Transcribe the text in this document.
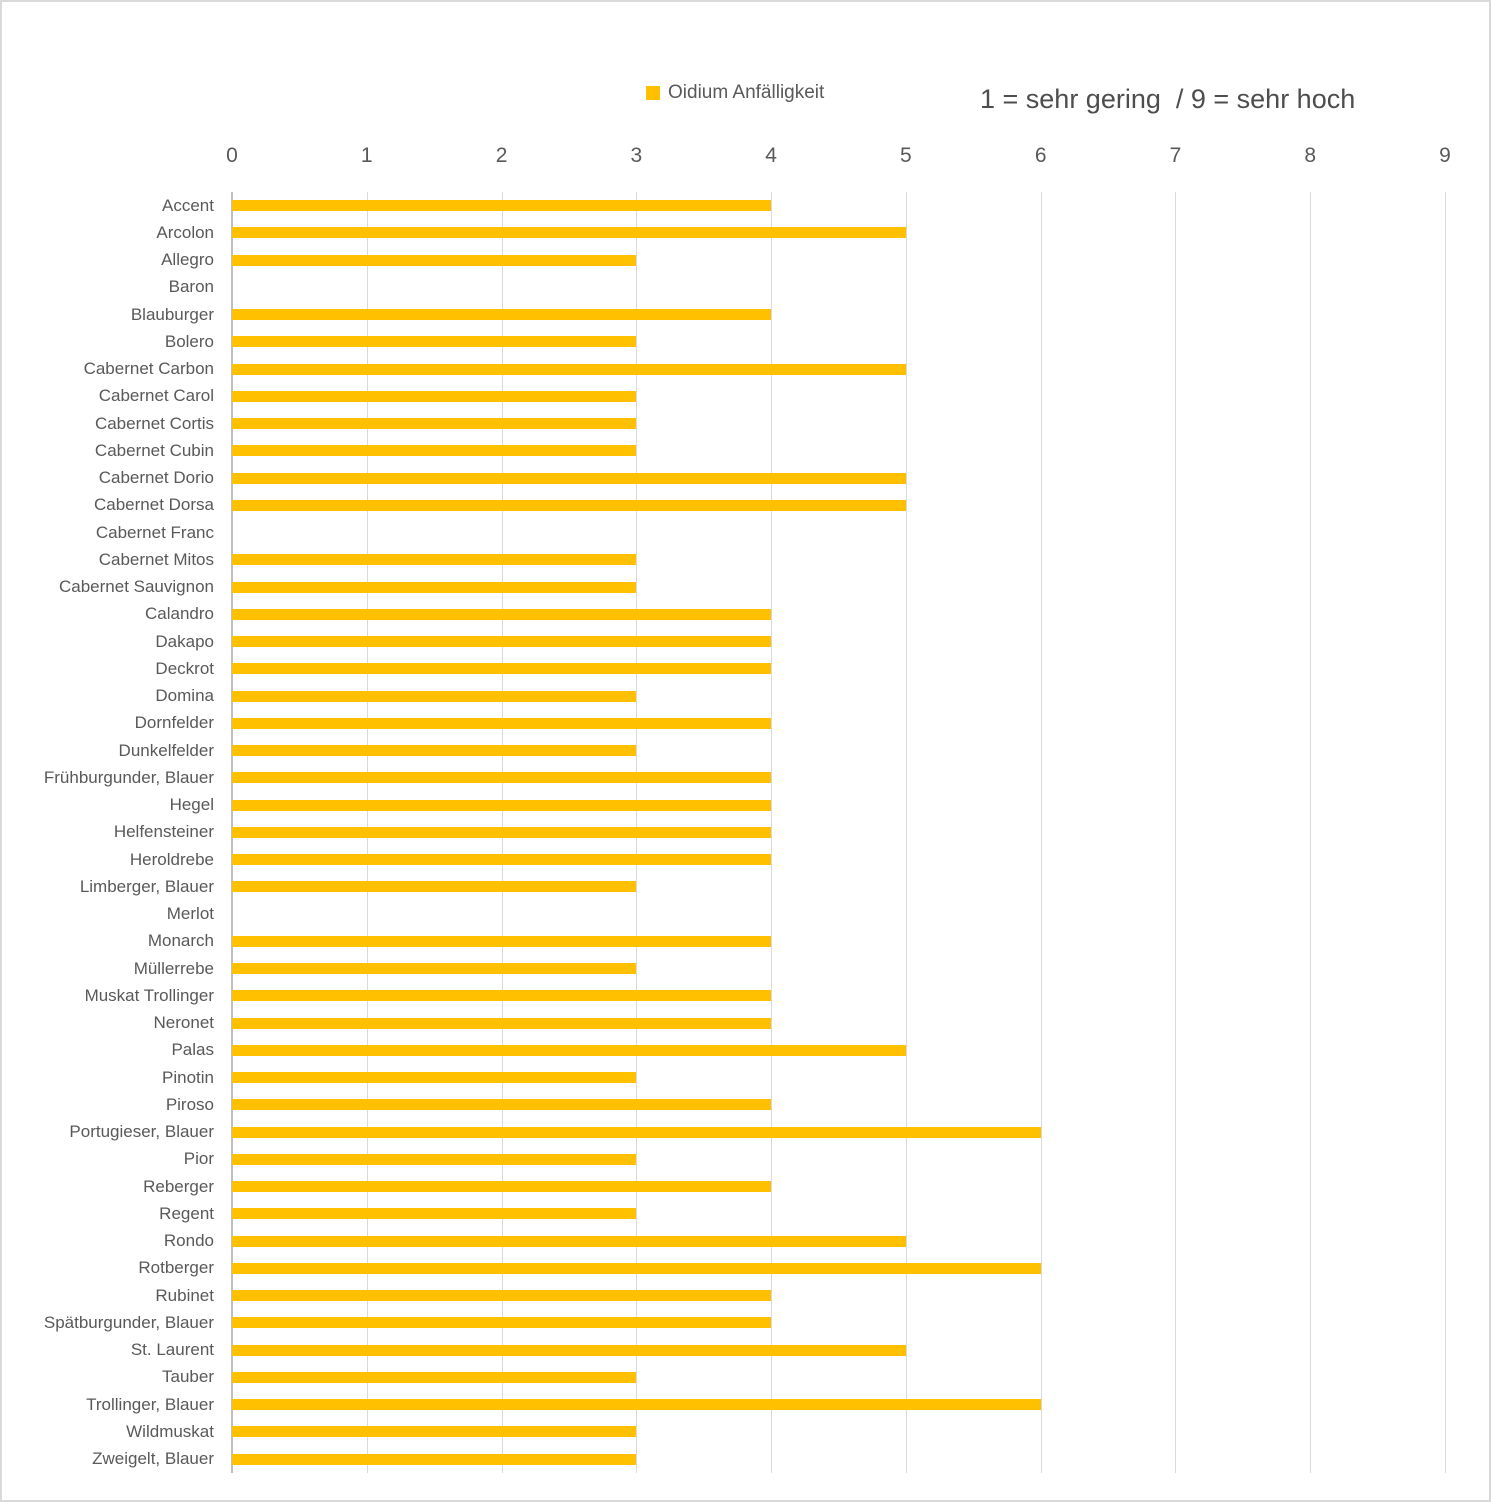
Oidium Anfälligkeit	1 = sehr gering  / 9 = sehr hoch
0	1	2	3	4	5	6	7	8	9
Accent
Arcolon
Allegro
Baron
Blauburger
Bolero
Cabernet Carbon
Cabernet Carol
Cabernet Cortis
Cabernet Cubin
Cabernet Dorio
Cabernet Dorsa
Cabernet Franc
Cabernet Mitos
Cabernet Sauvignon
Calandro
Dakapo
Deckrot
Domina
Dornfelder
Dunkelfelder
Frühburgunder, Blauer
Hegel
Helfensteiner
Heroldrebe
Limberger, Blauer
Merlot
Monarch
Müllerrebe
Muskat Trollinger
Neronet
Palas
Pinotin
Piroso
Portugieser, Blauer
Pior
Reberger
Regent
Rondo
Rotberger
Rubinet
Spätburgunder, Blauer
St. Laurent
Tauber
Trollinger, Blauer
Wildmuskat
Zweigelt, Blauer
